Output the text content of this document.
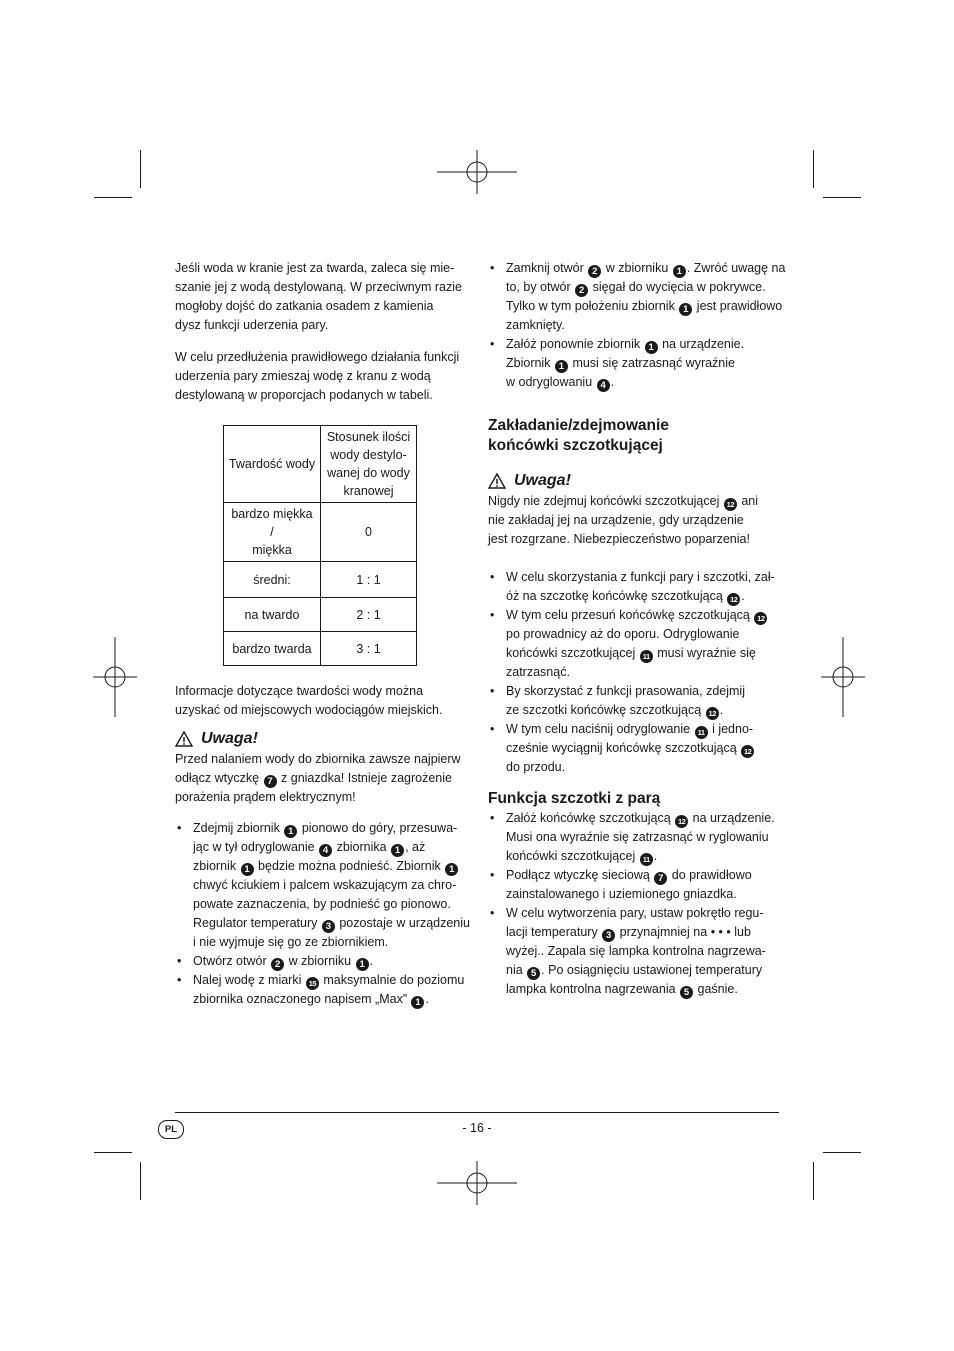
Jeśli woda w kranie jest za twarda, zaleca się mie-

szanie jej z wodą destylowaną. W przeciwnym razie

mogłoby dojść do zatkania osadem z kamienia

dysz funkcji uderzenia pary.

W celu przedłużenia prawidłowego działania funkcji

uderzenia pary zmieszaj wodę z kranu z wodą

destylowaną w proporcjach podanych w tabeli.

Twardość wody	Stosunek ilości
wody destylo-
wanej do wody
kranowej
bardzo miękka /
miękka	0
średni:	1 : 1
na twardo	2 : 1
bardzo twarda	3 : 1

Informacje dotyczące twardości wody można

uzyskać od miejscowych wodociągów miejskich.

Uwaga!

Przed nalaniem wody do zbiornika zawsze najpierw

odłącz wtyczkę 7 z gniazdka! Istnieje zagrożenie

porażenia prądem elektrycznym!

• Zdejmij zbiornik 1 pionowo do góry, przesuwa-

jąc w tył odryglowanie 4 zbiornika 1 , aż

zbiornik 1 będzie można podnieść. Zbiornik 1

chwyć kciukiem i palcem wskazującym za chro-

powate zaznaczenia, by podnieść go pionowo.

Regulator temperatury 3 pozostaje w urządzeniu

i nie wyjmuje się go ze zbiornikiem.

• Otwórz otwór 2 w zbiorniku 1 .

• Nalej wodę z miarki 15 maksymalnie do poziomu

zbiornika oznaczonego napisem „Max” 1 .

• Zamknij otwór 2 w zbiorniku 1 . Zwróć uwagę na

to, by otwór 2 sięgał do wycięcia w pokrywce.

Tylko w tym położeniu zbiornik 1 jest prawidłowo

zamknięty.

• Załóż ponownie zbiornik 1 na urządzenie.

Zbiornik 1 musi się zatrzasnąć wyraźnie

w odryglowaniu 4 .

Zakładanie/zdejmowanie
końcówki szczotkującej
Uwaga!

Nigdy nie zdejmuj końcówki szczotkującej 12 ani

nie zakładaj jej na urządzenie, gdy urządzenie

jest rozgrzane. Niebezpieczeństwo poparzenia!

• W celu skorzystania z funkcji pary i szczotki, zał-

óż na szczotkę końcówkę szczotkującą 12 .

• W tym celu przesuń końcówkę szczotkującą 12

po prowadnicy aż do oporu. Odryglowanie

końcówki szczotkującej 11 musi wyraźnie się

zatrzasnąć.

• By skorzystać z funkcji prasowania, zdejmij

ze szczotki końcówkę szczotkującą 12 .

• W tym celu naciśnij odryglowanie 11 i jedno-

cześnie wyciągnij końcówkę szczotkującą 12

do przodu.

Funkcja szczotki z parą

• Załóż końcówkę szczotkującą 12 na urządzenie.

Musi ona wyraźnie się zatrzasnąć w ryglowaniu

końcówki szczotkującej 11 .

• Podłącz wtyczkę sieciową 7 do prawidłowo

zainstalowanego i uziemionego gniazdka.

• W celu wytworzenia pary, ustaw pokrętło regu-

lacji temperatury 3 przynajmniej na • • • lub

wyżej.. Zapala się lampka kontrolna nagrzewa-

nia 5 . Po osiągnięciu ustawionej temperatury

lampka kontrolna nagrzewania 5 gaśnie.

PL	- 16 -
